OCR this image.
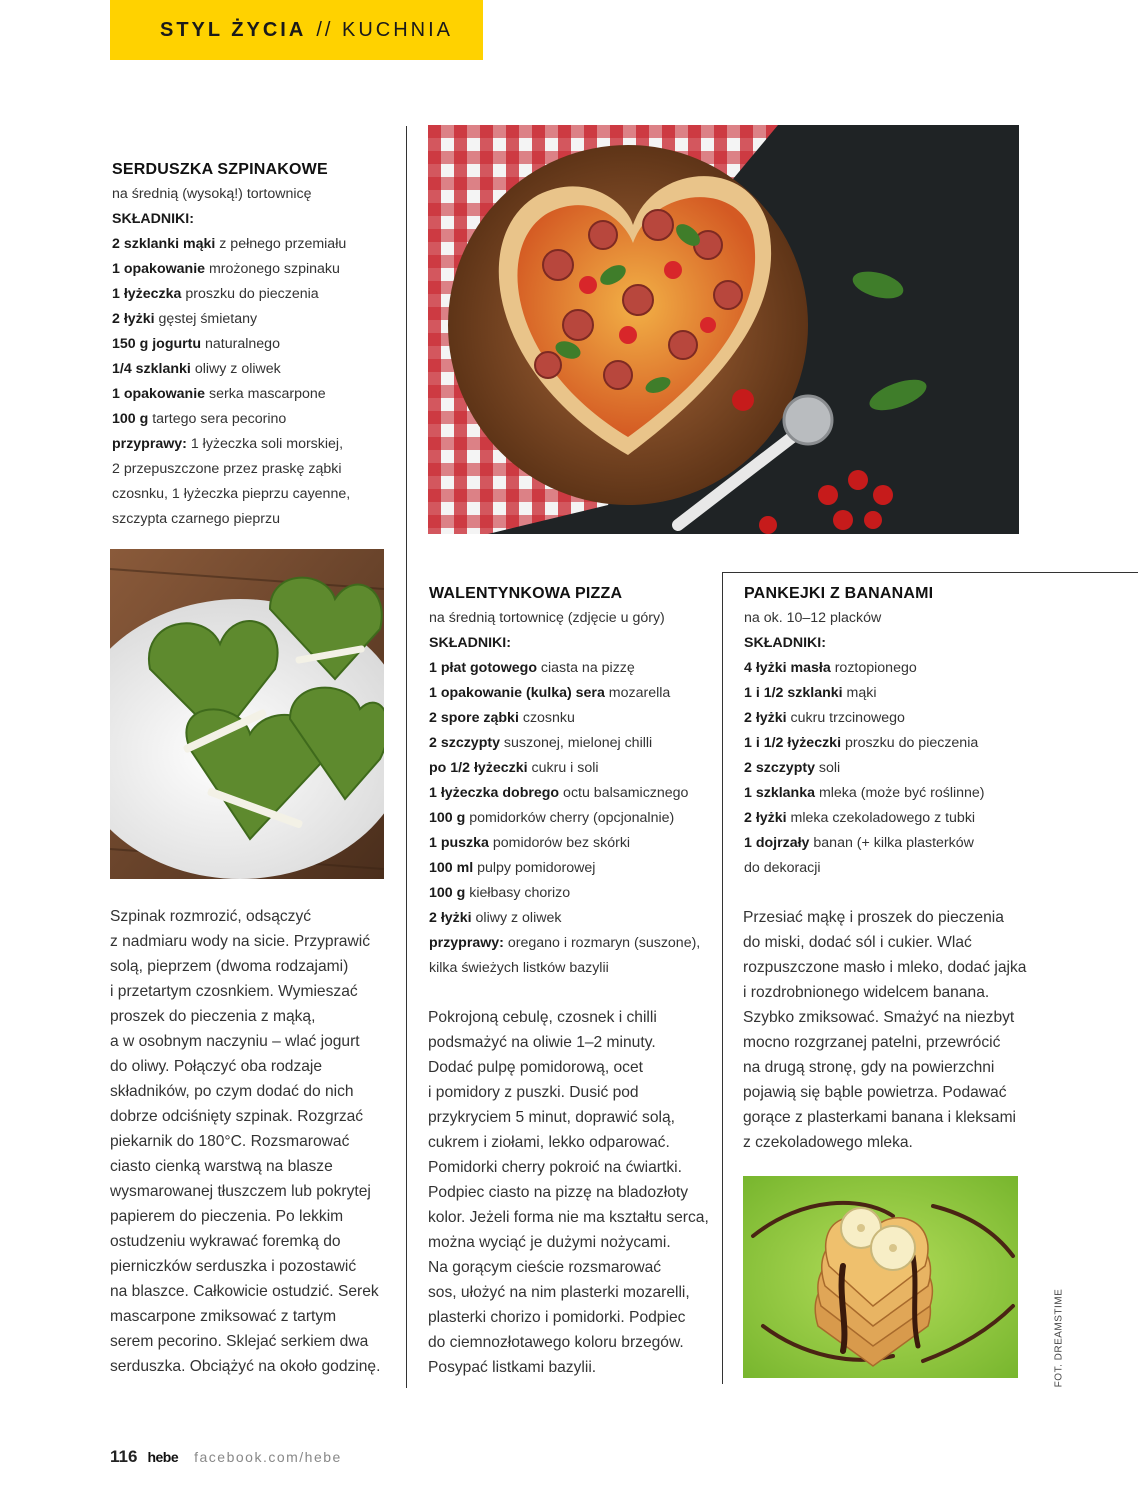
STYL ŻYCIA // KUCHNIA
SERDUSZKA SZPINAKOWE
na średnią (wysoką!) tortownicę
SKŁADNIKI:
2 szklanki mąki z pełnego przemiału
1 opakowanie mrożonego szpinaku
1 łyżeczka proszku do pieczenia
2 łyżki gęstej śmietany
150 g jogurtu naturalnego
1/4 szklanki oliwy z oliwek
1 opakowanie serka mascarpone
100 g tartego sera pecorino
przyprawy: 1 łyżeczka soli morskiej,
2 przepuszczone przez praskę ząbki
czosnku, 1 łyżeczka pieprzu cayenne,
szczypta czarnego pieprzu
Szpinak rozmrozić, odsączyć
z nadmiaru wody na sicie. Przyprawić
solą, pieprzem (dwoma rodzajami)
i przetartym czosnkiem. Wymieszać
proszek do pieczenia z mąką,
a w osobnym naczyniu – wlać jogurt
do oliwy. Połączyć oba rodzaje
składników, po czym dodać do nich
dobrze odciśnięty szpinak. Rozgrzać
piekarnik do 180°C. Rozsmarować
ciasto cienką warstwą na blasze
wysmarowanej tłuszczem lub pokrytej
papierem do pieczenia. Po lekkim
ostudzeniu wykrawać foremką do
pierniczków serduszka i pozostawić
na blaszce. Całkowicie ostudzić. Serek
mascarpone zmiksować z tartym
serem pecorino. Sklejać serkiem dwa
serduszka. Obciążyć na około godzinę.
WALENTYNKOWA PIZZA
na średnią tortownicę (zdjęcie u góry)
SKŁADNIKI:
1 płat gotowego ciasta na pizzę
1 opakowanie (kulka) sera mozarella
2 spore ząbki czosnku
2 szczypty suszonej, mielonej chilli
po 1/2 łyżeczki cukru i soli
1 łyżeczka dobrego octu balsamicznego
100 g pomidorków cherry (opcjonalnie)
1 puszka pomidorów bez skórki
100 ml pulpy pomidorowej
100 g kiełbasy chorizo
2 łyżki oliwy z oliwek
przyprawy: oregano i rozmaryn (suszone),
kilka świeżych listków bazylii
Pokrojoną cebulę, czosnek i chilli
podsmażyć na oliwie 1–2 minuty.
Dodać pulpę pomidorową, ocet
i pomidory z puszki. Dusić pod
przykryciem 5 minut, doprawić solą,
cukrem i ziołami, lekko odparować.
Pomidorki cherry pokroić na ćwiartki.
Podpiec ciasto na pizzę na bladozłoty
kolor. Jeżeli forma nie ma kształtu serca,
można wyciąć je dużymi nożycami.
Na gorącym cieście rozsmarować
sos, ułożyć na nim plasterki mozarelli,
plasterki chorizo i pomidorki. Podpiec
do ciemnozłotawego koloru brzegów.
Posypać listkami bazylii.
PANKEJKI Z BANANAMI
na ok. 10–12 placków
SKŁADNIKI:
4 łyżki masła roztopionego
1 i 1/2 szklanki mąki
2 łyżki cukru trzcinowego
1 i 1/2 łyżeczki proszku do pieczenia
2 szczypty soli
1 szklanka mleka (może być roślinne)
2 łyżki mleka czekoladowego z tubki
1 dojrzały banan (+ kilka plasterków
do dekoracji
Przesiać mąkę i proszek do pieczenia
do miski, dodać sól i cukier. Wlać
rozpuszczone masło i mleko, dodać jajka
i rozdrobnionego widelcem banana.
Szybko zmiksować. Smażyć na niezbyt
mocno rozgrzanej patelni, przewrócić
na drugą stronę, gdy na powierzchni
pojawią się bąble powietrza. Podawać
gorące z plasterkami banana i kleksami
z czekoladowego mleka.
FOT. DREAMSTIME
116 hebe facebook.com/hebe
